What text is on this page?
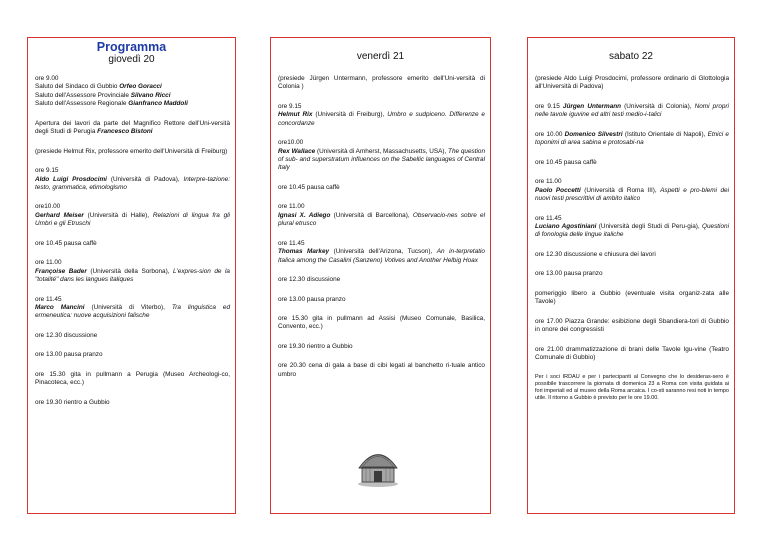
Programma
giovedì 20
ore 9.00
Saluto del Sindaco di Gubbio Orfeo Goracci
Saluto dell'Assessore Provinciale Silvano Ricci
Saluto dell'Assessore Regionale Gianfranco Maddoli
Apertura dei lavori da parte del Magnifico Rettore dell'Uni-versità degli Studi di Perugia Francesco Bistoni
(presiede Helmut Rix, professore emerito dell'Università di Freiburg)
ore 9.15
Aldo Luigi Prosdocimi (Università di Padova), Interpre-tazione: testo, grammatica, etimologismo
ore10.00
Gerhard Meiser (Università di Halle), Relazioni di lingua fra gli Umbri e gli Etruschi
ore 10.45 pausa caffè
ore 11.00
Françoise Bader (Università della Sorbona), L'expres-sion de la "totalité" dans les langues italiques
ore 11.45
Marco Mancini (Università di Viterbo), Tra linguistica ed ermeneutica: nuove acquisizioni falische
ore 12.30 discussione
ore 13.00 pausa pranzo
ore 15.30 gita in pullmann a Perugia (Museo Archeologi-co, Pinacoteca, ecc.)
ore 19.30 rientro a Gubbio
venerdì 21
(presiede Jürgen Untermann, professore emerito dell'Uni-versità di Colonia )
ore 9.15
Helmut Rix (Università di Freiburg), Umbro e sudpiceno. Differenze e concordanze
ore10.00
Rex Wallace (Università di Amherst, Massachusetts, USA), The question of sub- and superstratum influences on the Sabellic languages of Central Italy
ore 10.45 pausa caffè
ore 11.00
Ignasi X. Adiego (Università di Barcellona), Observacio-nes sobre el plural etrusco
ore 11.45
Thomas Markey (Università dell'Arizona, Tucson), An in-terpretatio Italica among the Casalini (Sanzeno) Votives and Another Helbig Hoax
ore 12.30 discussione
ore 13.00 pausa pranzo
ore 15.30 gita in pullmann ad Assisi (Museo Comunale, Basilica, Convento, ecc.)
ore 19.30 rientro a Gubbio
ore 20.30 cena di gala a base di cibi legati al banchetto ri-tuale antico umbro
sabato 22
(presiede Aldo Luigi Prosdocimi, professore ordinario di Glottologia all'Università di Padova)
ore 9.15 Jürgen Untermann (Università di Colonia), Nomi propri nelle tavole iguvine ed altri testi medio-i-talici
ore 10.00 Domenico Silvestri (Istituto Orientale di Napoli), Etnici e toponimi di area sabina e protosabi-na
ore 10.45 pausa caffè
ore 11.00
Paolo Poccetti (Università di Roma III), Aspetti e pro-blemi dei nuovi testi prescrittivi di ambito italico
ore 11.45
Luciano Agostiniani (Università degli Studi di Peru-gia), Questioni di fonologia delle lingue italiche
ore 12.30 discussione e chiusura dei lavori
ore 13.00 pausa pranzo
pomeriggio libero a Gubbio (eventuale visita organiz-zata alle Tavole)
ore 17.00 Piazza Grande: esibizione degli Sbandiera-tori di Gubbio in onore dei congressisti
ore 21.00 drammatizzazione di brani delle Tavole Igu-vine (Teatro Comunale di Gubbio)
Per i soci IRDAU e per i partecipanti al Convegno che lo desideras-sero è possibile trascorrere la giornata di domenica 23 a Roma con visita guidata ai fori imperiali ed al museo della Roma arcaica. I co-sti saranno resi noti in tempo utile. Il ritorno a Gubbio è previsto per le ore 19.00.
